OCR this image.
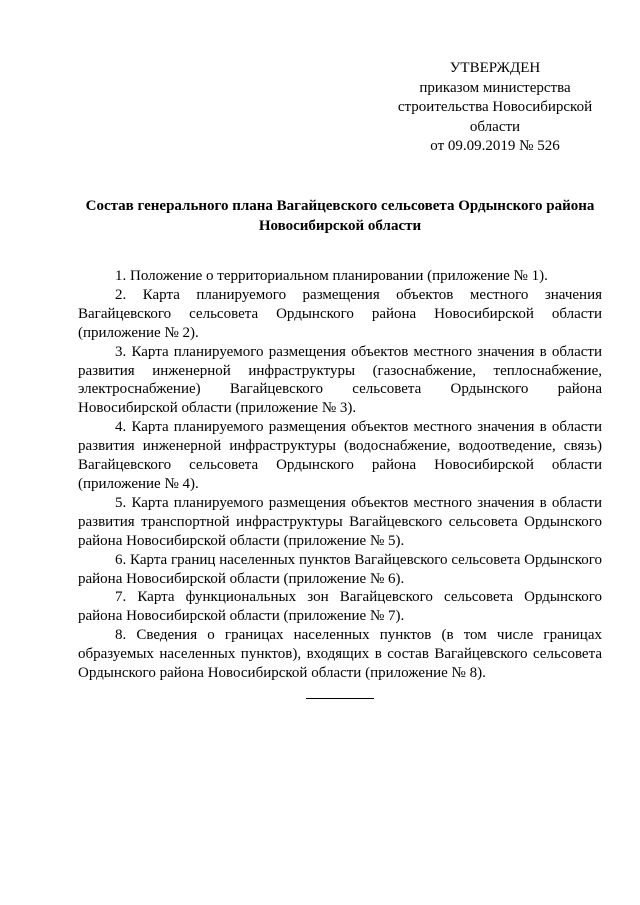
УТВЕРЖДЕН
приказом министерства
строительства Новосибирской
области
от 09.09.2019 № 526
Состав генерального плана Вагайцевского сельсовета Ордынского района Новосибирской области

1. Положение о территориальном планировании (приложение № 1).

2. Карта планируемого размещения объектов местного значения Вагайцевского сельсовета Ордынского района Новосибирской области (приложение № 2).

3. Карта планируемого размещения объектов местного значения в области развития инженерной инфраструктуры (газоснабжение, теплоснабжение, электроснабжение) Вагайцевского сельсовета Ордынского района Новосибирской области (приложение № 3).

4. Карта планируемого размещения объектов местного значения в области развития инженерной инфраструктуры (водоснабжение, водоотведение, связь) Вагайцевского сельсовета Ордынского района Новосибирской области (приложение № 4).

5. Карта планируемого размещения объектов местного значения в области развития транспортной инфраструктуры Вагайцевского сельсовета Ордынского района Новосибирской области (приложение № 5).

6. Карта границ населенных пунктов Вагайцевского сельсовета Ордынского района Новосибирской области (приложение № 6).

7. Карта функциональных зон Вагайцевского сельсовета Ордынского района Новосибирской области (приложение № 7).

8. Сведения о границах населенных пунктов (в том числе границах образуемых населенных пунктов), входящих в состав Вагайцевского сельсовета Ордынского района Новосибирской области (приложение № 8).
